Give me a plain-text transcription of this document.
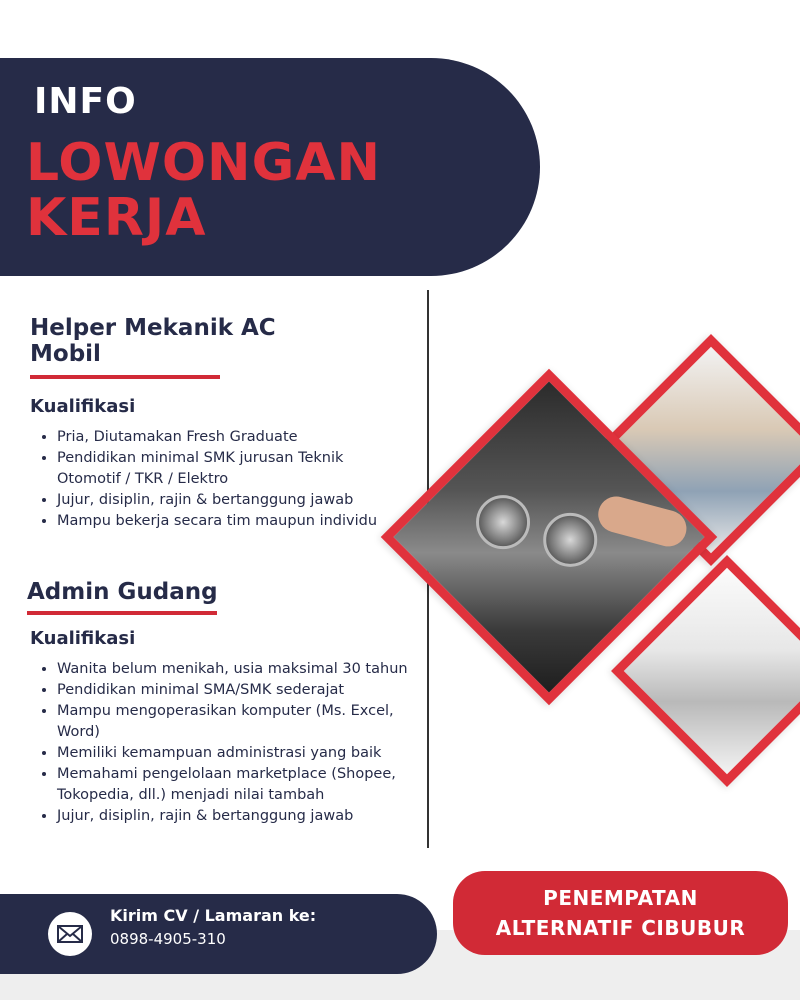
INFO
LOWONGAN
KERJA
Helper Mekanik AC
Mobil
Kualifikasi
• Pria, Diutamakan Fresh Graduate
• Pendidikan minimal SMK jurusan Teknik Otomotif / TKR / Elektro
• Jujur, disiplin, rajin & bertanggung jawab
• Mampu bekerja secara tim maupun individu
Admin Gudang
Kualifikasi
• Wanita belum menikah, usia maksimal 30 tahun
• Pendidikan minimal SMA/SMK sederajat
• Mampu mengoperasikan komputer (Ms. Excel, Word)
• Memiliki kemampuan administrasi yang baik
• Memahami pengelolaan marketplace (Shopee, Tokopedia, dll.) menjadi nilai tambah
• Jujur, disiplin, rajin & bertanggung jawab
Kirim CV / Lamaran ke:
0898-4905-310
PENEMPATAN
ALTERNATIF CIBUBUR
